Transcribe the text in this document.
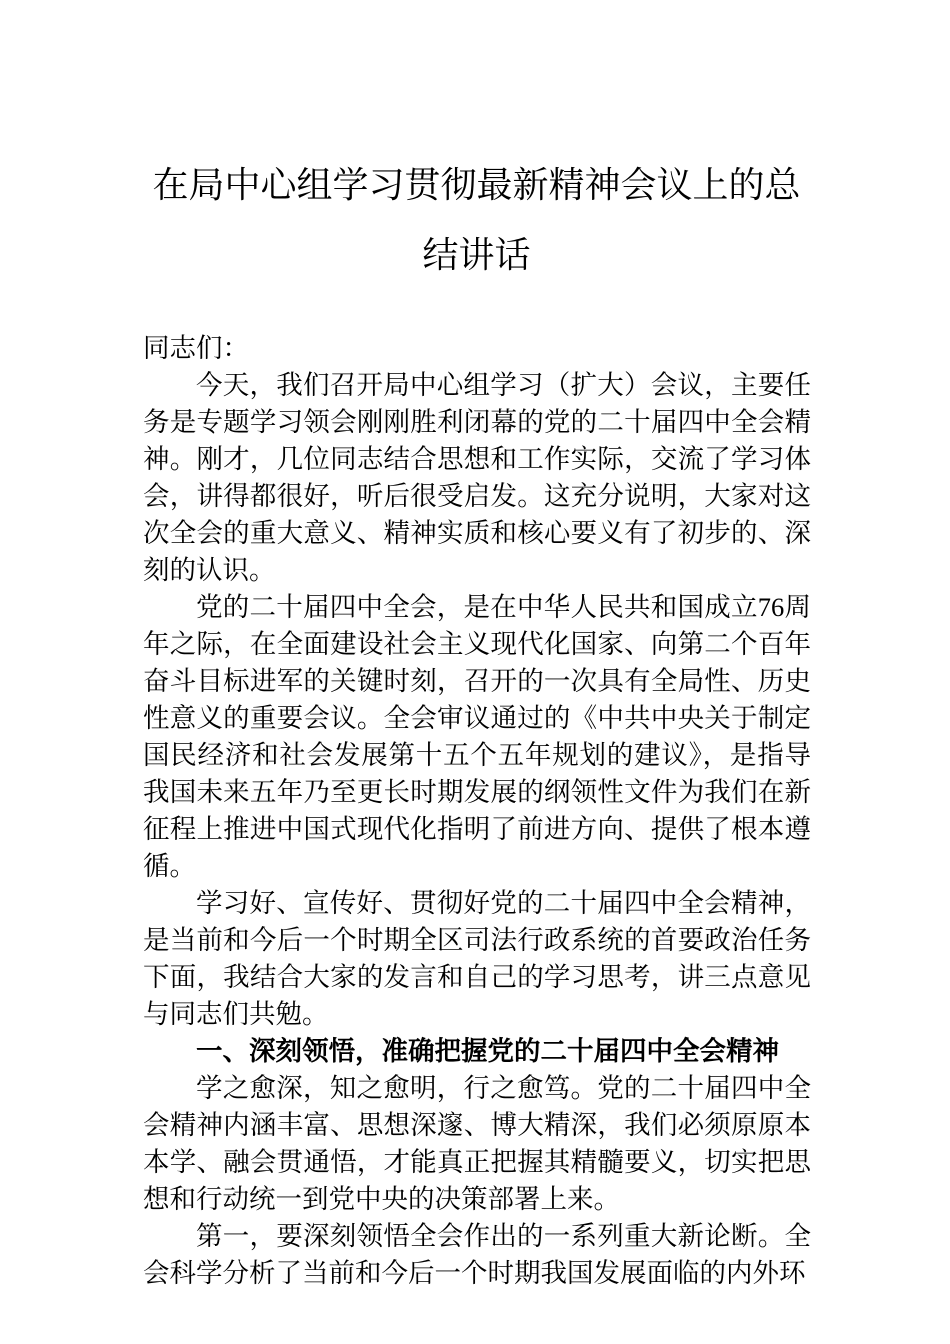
在局中心组学习贯彻最新精神会议上的总结讲话

同志们：

今天，我们召开局中心组学习（扩大）会议，主要任务是专题学习领会刚刚胜利闭幕的党的二十届四中全会精神。刚才，几位同志结合思想和工作实际，交流了学习体会，讲得都很好，听后很受启发。这充分说明，大家对这次全会的重大意义、精神实质和核心要义有了初步的、深刻的认识。

党的二十届四中全会，是在中华人民共和国成立76周年之际，在全面建设社会主义现代化国家、向第二个百年奋斗目标进军的关键时刻，召开的一次具有全局性、历史性意义的重要会议。全会审议通过的《中共中央关于制定国民经济和社会发展第十五个五年规划的建议》，是指导我国未来五年乃至更长时期发展的纲领性文件为我们在新征程上推进中国式现代化指明了前进方向、提供了根本遵循。

学习好、宣传好、贯彻好党的二十届四中全会精神，是当前和今后一个时期全区司法行政系统的首要政治任务下面，我结合大家的发言和自己的学习思考，讲三点意见与同志们共勉。

一、深刻领悟，准确把握党的二十届四中全会精神

学之愈深，知之愈明，行之愈笃。党的二十届四中全会精神内涵丰富、思想深邃、博大精深，我们必须原原本本学、融会贯通悟，才能真正把握其精髓要义，切实把思想和行动统一到党中央的决策部署上来。

第一，要深刻领悟全会作出的一系列重大新论断。全会科学分析了当前和今后一个时期我国发展面临的内外环
